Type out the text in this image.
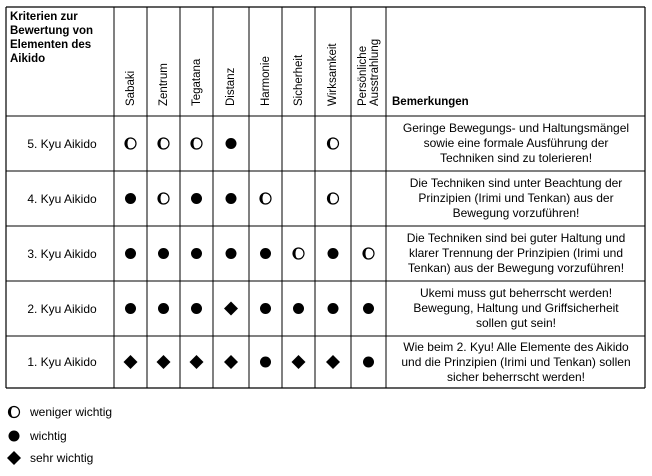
Kriterien zur
Bewertung von
Elementen des
Aikido
Bemerkungen
Sabaki Zentrum Tegatana Distanz Harmonie Sicherheit Wirksamkeit Persönliche Ausstrahlung
5. Kyu Aikido
Geringe Bewegungs- und Haltungsmängel
sowie eine formale Ausführung der
Techniken sind zu tolerieren!
4. Kyu Aikido
Die Techniken sind unter Beachtung der
Prinzipien (Irimi und Tenkan) aus der
Bewegung vorzuführen!
3. Kyu Aikido
Die Techniken sind bei guter Haltung und
klarer Trennung der Prinzipien (Irimi und
Tenkan) aus der Bewegung vorzuführen!
2. Kyu Aikido
Ukemi muss gut beherrscht werden!
Bewegung, Haltung und Griffsicherheit
sollen gut sein!
1. Kyu Aikido
Wie beim 2. Kyu! Alle Elemente des Aikido
und die Prinzipien (Irimi und Tenkan) sollen
sicher beherrscht werden!
weniger wichtig
wichtig
sehr wichtig
